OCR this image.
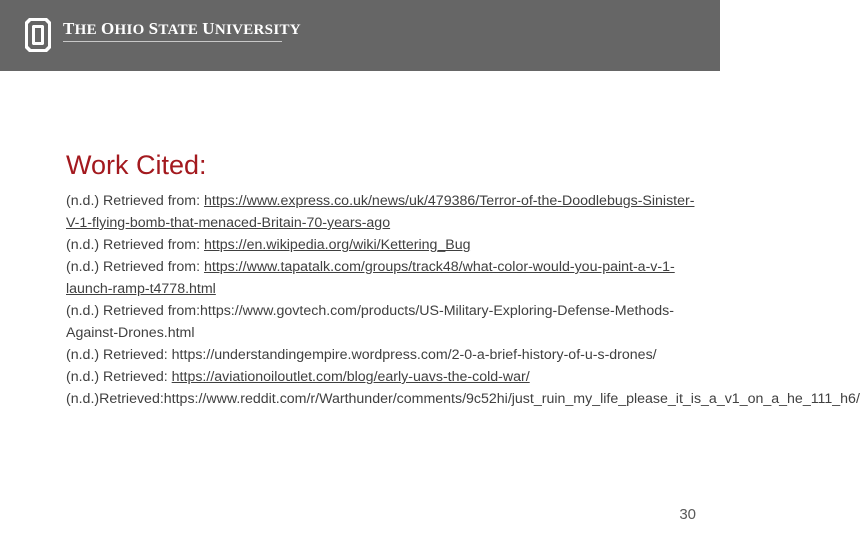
THE OHIO STATE UNIVERSITY
Work Cited:

(n.d.) Retrieved from: https://www.express.co.uk/news/uk/479386/Terror-of-the-Doodlebugs-Sinister-V-1-flying-bomb-that-menaced-Britain-70-years-ago

(n.d.) Retrieved from: https://en.wikipedia.org/wiki/Kettering_Bug

(n.d.) Retrieved from: https://www.tapatalk.com/groups/track48/what-color-would-you-paint-a-v-1-launch-ramp-t4778.html

(n.d.) Retrieved from:https://www.govtech.com/products/US-Military-Exploring-Defense-Methods-Against-Drones.html

(n.d.) Retrieved: https://understandingempire.wordpress.com/2-0-a-brief-history-of-u-s-drones/

(n.d.) Retrieved: https://aviationoiloutlet.com/blog/early-uavs-the-cold-war/

(n.d.)Retrieved:https://www.reddit.com/r/Warthunder/comments/9c52hi/just_ruin_my_life_please_it_is_a_v1_on_a_he_111_h6/

30
